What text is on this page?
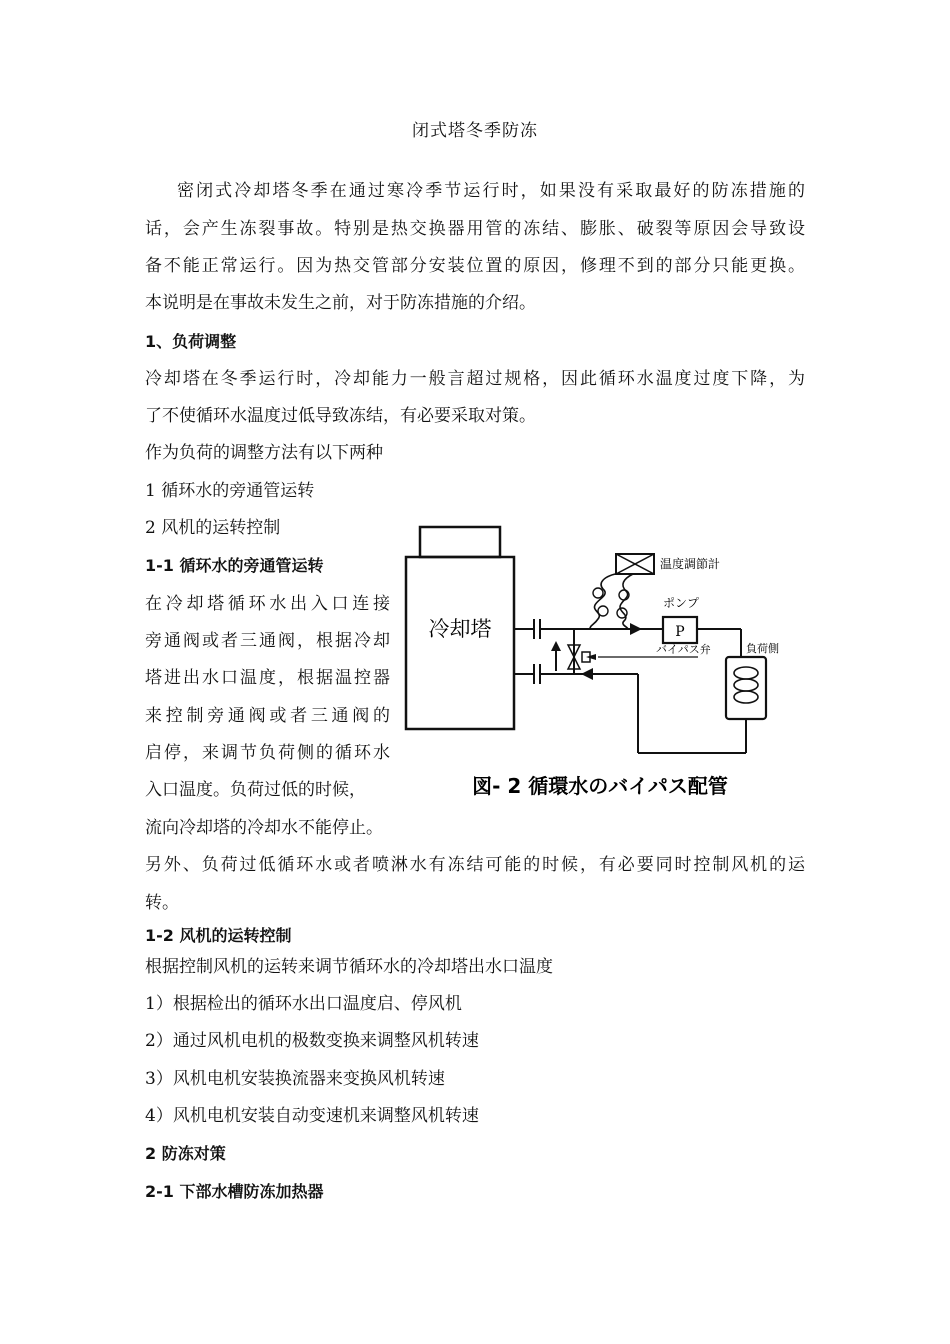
闭式塔冬季防冻
密闭式冷却塔冬季在通过寒冷季节运行时，如果没有采取最好的防冻措施的
话，会产生冻裂事故。特别是热交换器用管的冻结、膨胀、破裂等原因会导致设
备不能正常运行。因为热交管部分安装位置的原因，修理不到的部分只能更换。
本说明是在事故未发生之前，对于防冻措施的介绍。
1、负荷调整
冷却塔在冬季运行时，冷却能力一般言超过规格，因此循环水温度过度下降，为
了不使循环水温度过低导致冻结，有必要采取对策。
作为负荷的调整方法有以下两种
1 循环水的旁通管运转
2 风机的运转控制
1-1 循环水的旁通管运转
在冷却塔循环水出入口连接
旁通阀或者三通阀，根据冷却
塔进出水口温度，根据温控器
来控制旁通阀或者三通阀的
启停，来调节负荷侧的循环水
入口温度。负荷过低的时候，
流向冷却塔的冷却水不能停止。
另外、负荷过低循环水或者喷淋水有冻结可能的时候，有必要同时控制风机的运
转。
冷却塔
バイパス弁
温度調節計
ポンプ
P
負荷側
図- 2 循環水のバイパス配管
1-2 风机的运转控制
根据控制风机的运转来调节循环水的冷却塔出水口温度
1）根据检出的循环水出口温度启、停风机
2）通过风机电机的极数变换来调整风机转速
3）风机电机安装换流器来变换风机转速
4）风机电机安装自动变速机来调整风机转速
2 防冻对策
2-1 下部水槽防冻加热器
